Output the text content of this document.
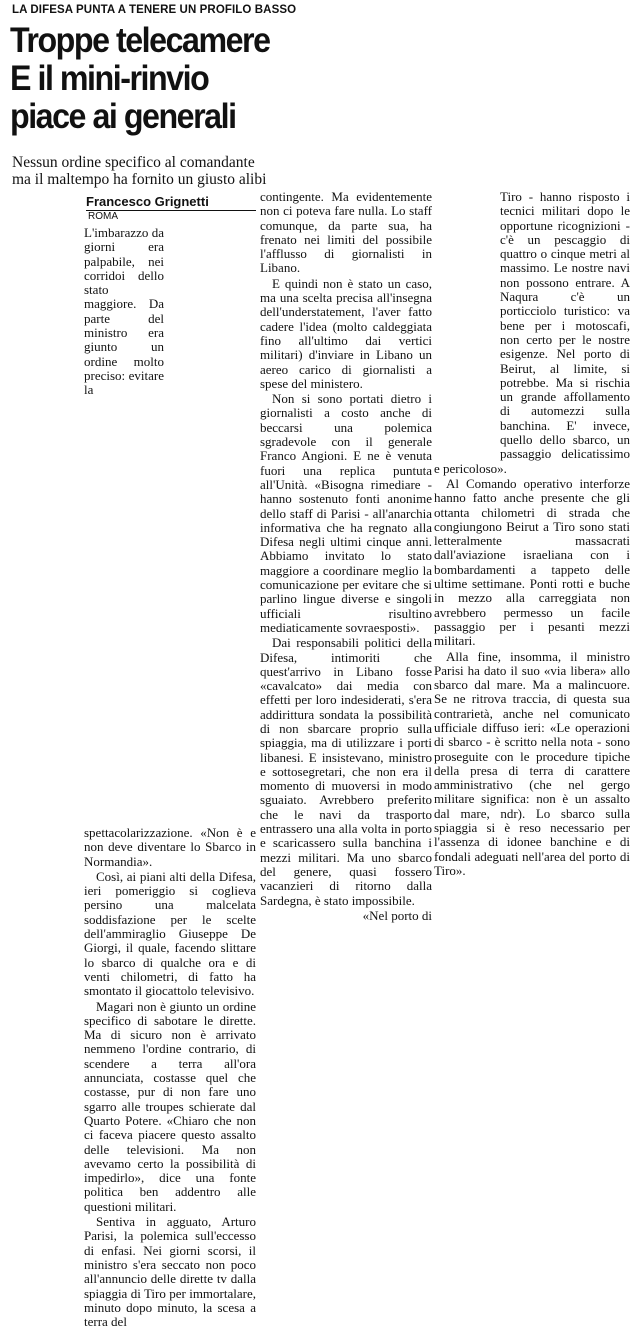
LA DIFESA PUNTA A TENERE UN PROFILO BASSO
Troppe telecamere
E il mini-rinvio
piace ai generali
Nessun ordine specifico al comandante
ma il maltempo ha fornito un giusto alibi
Francesco Grignetti
ROMA

L'imbarazzo da giorni era palpabile, nei corridoi dello stato maggiore. Da parte del ministro era giunto un ordine molto preciso: evitare la spettacolarizzazione. «Non è e non deve diventare lo Sbarco in Normandia».

Così, ai piani alti della Difesa, ieri pomeriggio si coglieva persino una malcelata soddisfazione per le scelte dell'ammiraglio Giuseppe De Giorgi, il quale, facendo slittare lo sbarco di qualche ora e di venti chilometri, di fatto ha smontato il giocattolo televisivo.

Magari non è giunto un ordine specifico di sabotare le dirette. Ma di sicuro non è arrivato nemmeno l'ordine contrario, di scendere a terra all'ora annunciata, costasse quel che costasse, pur di non fare uno sgarro alle troupes schierate dal Quarto Potere. «Chiaro che non ci faceva piacere questo assalto delle televisioni. Ma non avevamo certo la possibilità di impedirlo», dice una fonte politica ben addentro alle questioni militari.

Sentiva in agguato, Arturo Parisi, la polemica sull'eccesso di enfasi. Nei giorni scorsi, il ministro s'era seccato non poco all'annuncio delle dirette tv dalla spiaggia di Tiro per immortalare, minuto dopo minuto, la scesa a terra del

contingente. Ma evidentemente non ci poteva fare nulla. Lo staff comunque, da parte sua, ha frenato nei limiti del possibile l'afflusso di giornalisti in Libano.

E quindi non è stato un caso, ma una scelta precisa all'insegna dell'understatement, l'aver fatto cadere l'idea (molto caldeggiata fino all'ultimo dai vertici militari) d'inviare in Libano un aereo carico di giornalisti a spese del ministero.

Non si sono portati dietro i giornalisti a costo anche di beccarsi una polemica sgradevole con il generale Franco Angioni. E ne è venuta fuori una replica puntuta all'Unità. «Bisogna rimediare - hanno sostenuto fonti anonime dello staff di Parisi - all'anarchia informativa che ha regnato alla Difesa negli ultimi cinque anni. Abbiamo invitato lo stato maggiore a coordinare meglio la comunicazione per evitare che si parlino lingue diverse e singoli ufficiali risultino mediaticamente sovraesposti».

Dai responsabili politici della Difesa, intimoriti che quest'arrivo in Libano fosse «cavalcato» dai media con effetti per loro indesiderati, s'era addirittura sondata la possibilità di non sbarcare proprio sulla spiaggia, ma di utilizzare i porti libanesi. E insistevano, ministro e sottosegretari, che non era il momento di muoversi in modo sguaiato. Avrebbero preferito che le navi da trasporto entrassero una alla volta in porto e scaricassero sulla banchina i mezzi militari. Ma uno sbarco del genere, quasi fossero vacanzieri di ritorno dalla Sardegna, è stato impossibile.

«Nel porto di

Tiro - hanno risposto i tecnici militari dopo le opportune ricognizioni - c'è un pescaggio di quattro o cinque metri al massimo. Le nostre navi non possono entrare. A Naqura c'è un porticciolo turistico: va bene per i motoscafi, non certo per le nostre esigenze. Nel porto di Beirut, al limite, si potrebbe. Ma si rischia un grande affollamento di automezzi sulla banchina. E' invece, quello dello sbarco, un passaggio delicatissimo e pericoloso».

Al Comando operativo interforze hanno fatto anche presente che gli ottanta chilometri di strada che congiungono Beirut a Tiro sono stati letteralmente massacrati dall'aviazione israeliana con i bombardamenti a tappeto delle ultime settimane. Ponti rotti e buche in mezzo alla carreggiata non avrebbero permesso un facile passaggio per i pesanti mezzi militari.

Alla fine, insomma, il ministro Parisi ha dato il suo «via libera» allo sbarco dal mare. Ma a malincuore. Se ne ritrova traccia, di questa sua contrarietà, anche nel comunicato ufficiale diffuso ieri: «Le operazioni di sbarco - è scritto nella nota - sono proseguite con le procedure tipiche della presa di terra di carattere amministrativo (che nel gergo militare significa: non è un assalto dal mare, ndr). Lo sbarco sulla spiaggia si è reso necessario per l'assenza di idonee banchine e di fondali adeguati nell'area del porto di Tiro».
